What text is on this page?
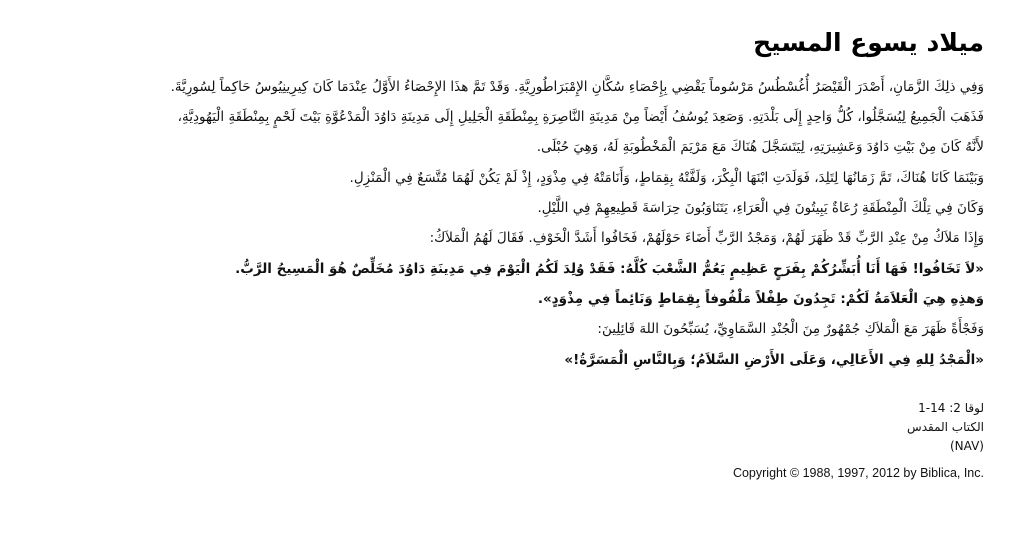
ميلاد يسوع المسيح

وَفِي ذلِكَ الزَّمَانِ، أَصْدَرَ الْقَيْصَرُ أُغُسْطُسُ مَرْسُوماً يَقْضِي بِإِحْصَاءِ سُكَّانِ الإِمْبَرَاطُورِيَّةِ. وَقَدْ تَمَّ هذَا الإِحْصَاءُ الأَوَّلُ عِنْدَمَا كَانَ كِيرِينِيُوسُ حَاكِماً لِسُورِيَّةَ.

فَذَهَبَ الْجَمِيعُ لِيُسَجَّلُوا، كُلُّ وَاحِدٍ إِلَى بَلْدَتِهِ. وَصَعِدَ يُوسُفُ أَيْضاً مِنْ مَدِينَةِ النَّاصِرَةِ بِمِنْطَقَةِ الْجَلِيلِ إِلَى مَدِينَةِ دَاوُدَ الْمَدْعُوَّةِ بَيْتَ لَحْمٍ بِمِنْطَقَةِ الْيَهُودِيَّةِ،

لأَنَّهُ كَانَ مِنْ بَيْتِ دَاوُدَ وَعَشِيرَتِهِ، لِيَتَسَجَّلَ هُنَاكَ مَعَ مَرْيَمَ الْمَخْطُوبَةِ لَهُ، وَهِيَ حُبْلَى.

وَبَيْنَمَا كَانَا هُنَاكَ، تَمَّ زَمَانُهَا لِتَلِدَ، فَوَلَدَتِ ابْنَهَا الْبِكْرَ، وَلَفَّتْهُ بِقِمَاطٍ، وَأَنَامَتْهُ فِي مِذْوَدٍ، إِذْ لَمْ يَكُنْ لَهُمَا مُتَّسَعٌ فِي الْمَنْزِلِ.

وَكَانَ فِي تِلْكَ الْمِنْطَقَةِ رُعَاةٌ يَبِيتُونَ فِي الْعَرَاءِ، يَتَنَاوَبُونَ حِرَاسَةَ قَطِيعِهِمْ فِي اللَّيْلِ.

وَإِذَا مَلاَكُ مِنْ عِنْدِ الرَّبِّ قَدْ ظَهَرَ لَهُمْ، وَمَجْدُ الرَّبِّ أَضَاءَ حَوْلَهُمْ، فَخَافُوا أَشَدَّ الْخَوْفِ. فَقَالَ لَهُمُ الْمَلاَكُ:

«لاَ تَخَافُوا! فَهَا أَنَا أُبَشِّرُكُمْ بِفَرَحٍ عَظِيمٍ يَعُمُّ الشَّعْبَ كُلَّهُ: فَقَدْ وُلِدَ لَكُمُ الْيَوْمَ فِي مَدِينَةِ دَاوُدَ مُخَلِّصٌ هُوَ الْمَسِيحُ الرَّبُّ.

وَهذِهِ هِيَ الْعَلاَمَةُ لَكُمْ: تَجِدُونَ طِفْلاً مَلْفُوفاً بِقِمَاطٍ وَنَائِماً فِي مِذْوَدٍ».

وَفَجْأَةً ظَهَرَ مَعَ الْمَلاَكِ جُمْهُورٌ مِنَ الْجُنْدِ السَّمَاوِيِّ، يُسَبِّحُونَ اللهَ قَائِلِينَ:

«الْمَجْدُ لِلهِ فِي الأَعَالِي، وَعَلَى الأَرْضِ السَّلاَمُ؛ وَبِالنَّاسِ الْمَسَرَّةُ!»

لوقا 2: 14-1

الكتاب المقدس

(NAV)

Copyright © 1988, 1997, 2012 by Biblica, Inc.
